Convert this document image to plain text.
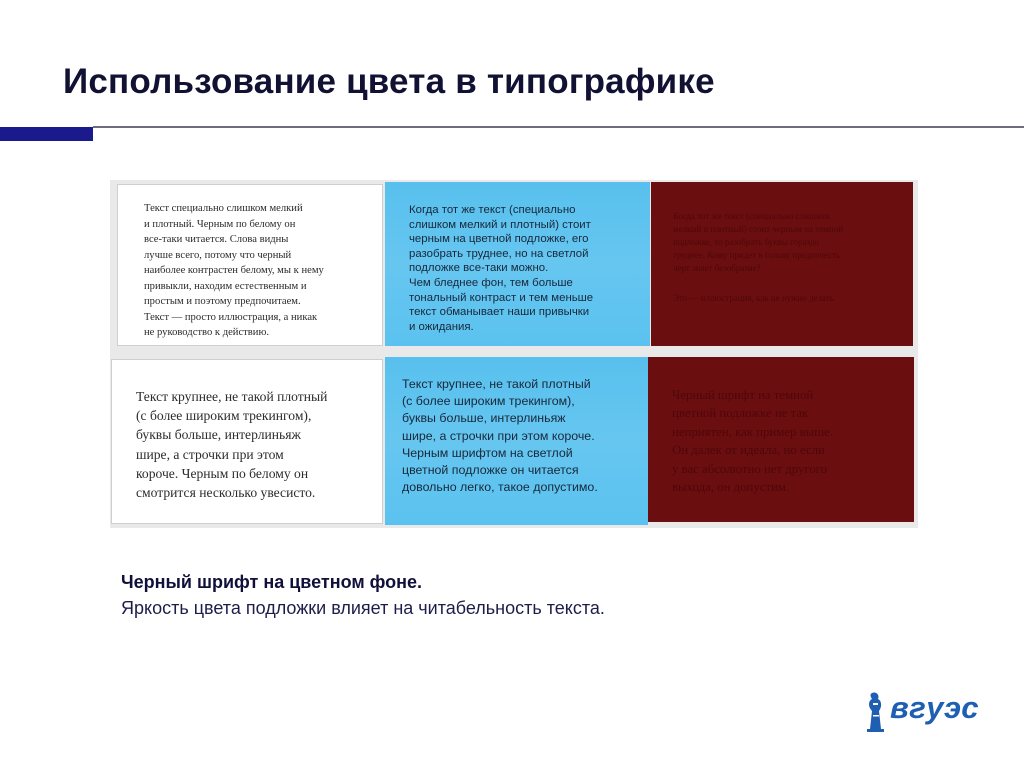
Использование цвета в типографике

Текст специально слишком мелкий
и плотный. Черным по белому он
все-таки читается. Слова видны
лучше всего, потому что черный
наиболее контрастен белому, мы к нему
привыкли, находим естественным и
простым и поэтому предпочитаем.
Текст — просто иллюстрация, а никак
не руководство к действию.

Когда тот же текст (специально
слишком мелкий и плотный) стоит
черным на цветной подложке, его
разобрать труднее, но на светлой
подложке все-таки можно.
Чем бледнее фон, тем больше
тональный контраст и тем меньше
текст обманывает наши привычки
и ожидания.

Когда тот же текст (специально слишком
мелкий и плотный) стоит черным на темной
подложке, то разобрать буквы гораздо
труднее. Кому придет в голову предпочесть
черт знает безобразие?

Это — иллюстрация, как не нужно делать

Текст крупнее, не такой плотный
(с более широким трекингом),
буквы больше, интерлиньяж
шире, а строчки при этом
короче. Черным по белому он
смотрится несколько увесисто.

Текст крупнее, не такой плотный
(с более широким трекингом),
буквы больше, интерлиньяж
шире, а строчки при этом короче.
Черным шрифтом на светлой
цветной подложке он читается
довольно легко, такое допустимо.

Черный шрифт на темной
цветной подложке не так
неприятен, как пример выше.
Он далек от идеала, но если
у вас абсолютно нет другого
выхода, он допустим.

Черный шрифт на цветном фоне.
Яркость цвета подложки влияет на читабельность текста.
вгуэс
